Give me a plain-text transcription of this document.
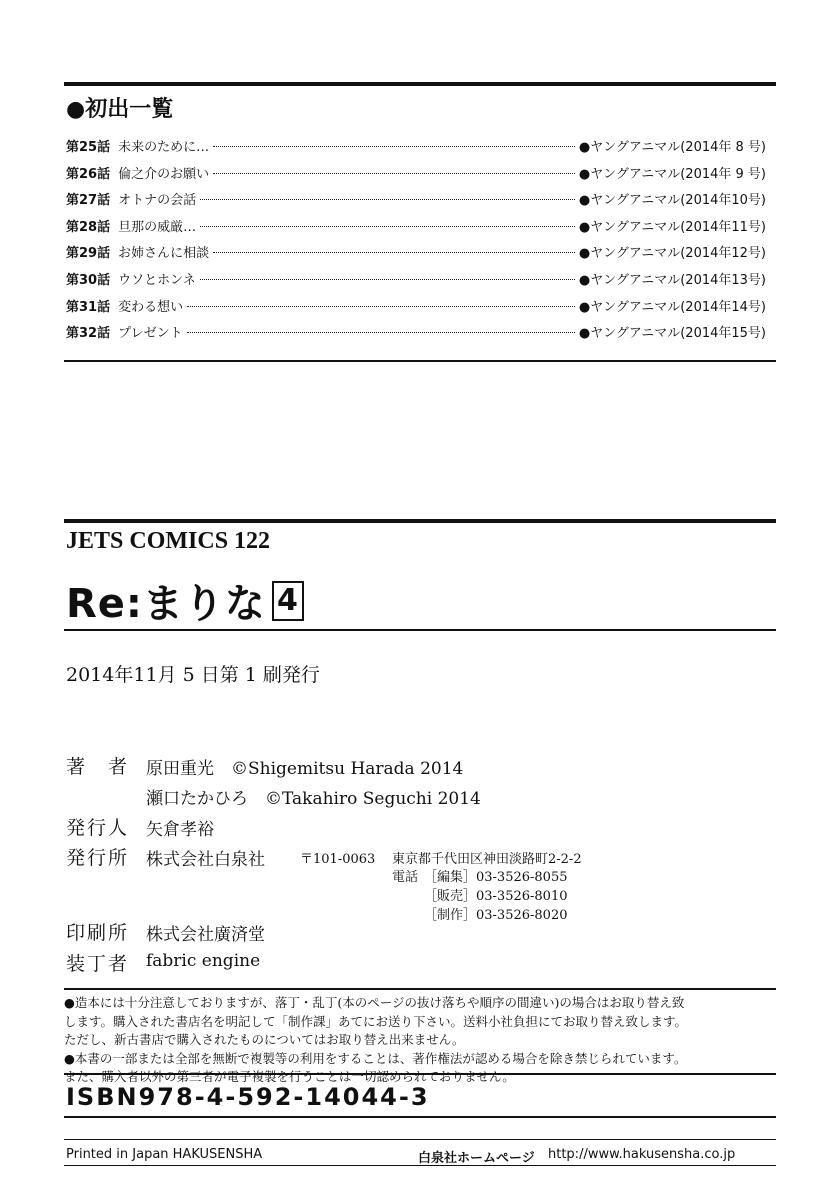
●初出一覧
第25話 未来のために…	●ヤングアニマル(2014年 8 号)
第26話 倫之介のお願い	●ヤングアニマル(2014年 9 号)
第27話 オトナの会話	●ヤングアニマル(2014年10号)
第28話 旦那の威厳…	●ヤングアニマル(2014年11号)
第29話 お姉さんに相談	●ヤングアニマル(2014年12号)
第30話 ウソとホンネ	●ヤングアニマル(2014年13号)
第31話 変わる想い	●ヤングアニマル(2014年14号)
第32話 プレゼント	●ヤングアニマル(2014年15号)
JETS COMICS 122
Re:まりな 4
2014年11月 5 日第 1 刷発行
著　者 原田重光　©Shigemitsu Harada 2014
瀬口たかひろ　©Takahiro Seguchi 2014
発行人 矢倉孝裕
発行所 株式会社白泉社	〒101-0063 東京都千代田区神田淡路町2-2-2
電話 ［編集］03-3526-8055
［販売］03-3526-8010
［制作］03-3526-8020
印刷所 株式会社廣済堂
装丁者 fabric engine
●造本には十分注意しておりますが、落丁・乱丁(本のページの抜け落ちや順序の間違い)の場合はお取り替え致
します。購入された書店名を明記して「制作課」あてにお送り下さい。送料小社負担にてお取り替え致します。
ただし、新古書店で購入されたものについてはお取り替え出来ません。
●本書の一部または全部を無断で複製等の利用をすることは、著作権法が認める場合を除き禁じられています。
また、購入者以外の第三者が電子複製を行うことは一切認められておりません。
ISBN978-4-592-14044-3
Printed in Japan HAKUSENSHA	白泉社ホームページ http://www.hakusensha.co.jp
